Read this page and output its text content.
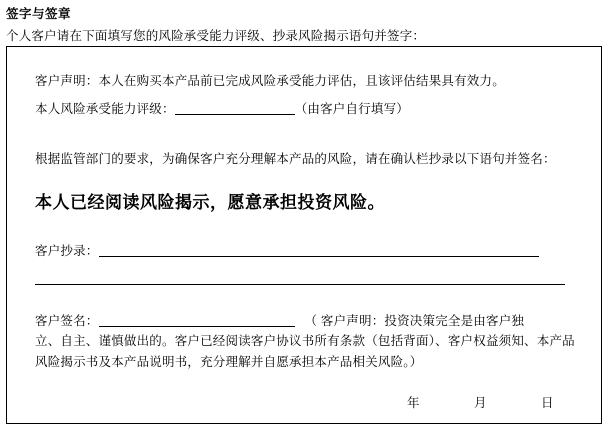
签字与签章
个人客户请在下面填写您的风险承受能力评级、抄录风险揭示语句并签字：

客户声明：本人在购买本产品前已完成风险承受能力评估，且该评估结果具有效力。

本人风险承受能力评级：	（由客户自行填写）

根据监管部门的要求，为确保客户充分理解本产品的风险，请在确认栏抄录以下语句并签名：

本人已经阅读风险揭示，愿意承担投资风险。

客户抄录：

客户签名：	（ 客户声明：投资决策完全是由客户独

立、自主、谨慎做出的。客户已经阅读客户协议书所有条款（包括背面）、客户权益须知、本产品风险揭示书及本产品说明书，充分理解并自愿承担本产品相关风险。）

年	月	日
